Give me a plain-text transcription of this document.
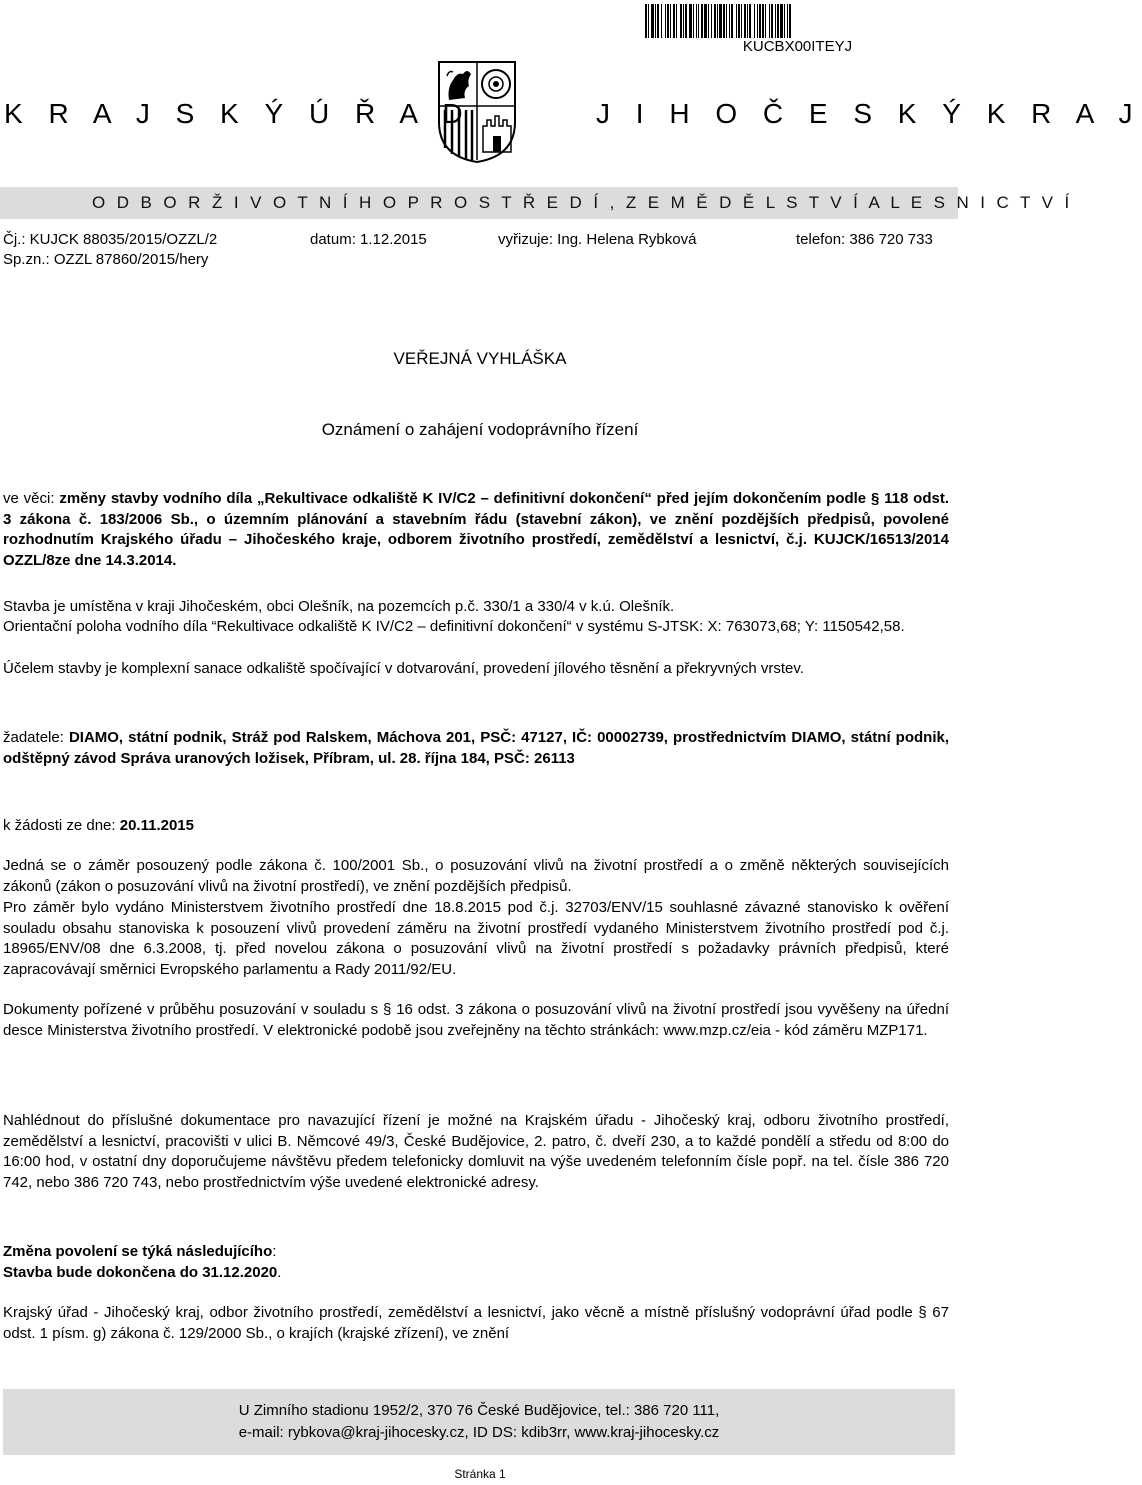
KUCBX00ITEYJ
K R A J S K Ý Ú Ř A D	J I H O Č E S K Ý K R A J
O D B O R Ž I V O T N Í H O P R O S T Ř E D Í , Z E M Ě D Ě L S T V Í A L E S N I C T V Í
Čj.: KUJCK 88035/2015/OZZL/2	datum: 1.12.2015	vyřizuje: Ing. Helena Rybková	telefon: 386 720 733
Sp.zn.: OZZL 87860/2015/hery
VEŘEJNÁ VYHLÁŠKA
Oznámení o zahájení vodoprávního řízení
ve věci: změny stavby vodního díla „Rekultivace odkaliště K IV/C2 – definitivní dokončení“ před jejím dokončením podle § 118 odst. 3 zákona č. 183/2006 Sb., o územním plánování a stavebním řádu (stavební zákon), ve znění pozdějších předpisů, povolené rozhodnutím Krajského úřadu – Jihočeského kraje, odborem životního prostředí, zemědělství a lesnictví, č.j. KUJCK/16513/2014 OZZL/8ze dne 14.3.2014.
Stavba je umístěna v kraji Jihočeském, obci Olešník, na pozemcích p.č. 330/1 a 330/4 v k.ú. Olešník.
Orientační poloha vodního díla “Rekultivace odkaliště K IV/C2 – definitivní dokončení“ v systému S-JTSK: X: 763073,68; Y: 1150542,58.
Účelem stavby je komplexní sanace odkaliště spočívající v dotvarování, provedení jílového těsnění a překryvných vrstev.
žadatele: DIAMO, státní podnik, Stráž pod Ralskem, Máchova 201, PSČ: 47127, IČ: 00002739, prostřednictvím DIAMO, státní podnik, odštěpný závod Správa uranových ložisek, Příbram, ul. 28. října 184, PSČ: 26113
k žádosti ze dne: 20.11.2015
Jedná se o záměr posouzený podle zákona č. 100/2001 Sb., o posuzování vlivů na životní prostředí a o změně některých souvisejících zákonů (zákon o posuzování vlivů na životní prostředí), ve znění pozdějších předpisů.
Pro záměr bylo vydáno Ministerstvem životního prostředí dne 18.8.2015 pod č.j. 32703/ENV/15 souhlasné závazné stanovisko k ověření souladu obsahu stanoviska k posouzení vlivů provedení záměru na životní prostředí vydaného Ministerstvem životního prostředí pod č.j. 18965/ENV/08 dne 6.3.2008, tj. před novelou zákona o posuzování vlivů na životní prostředí s požadavky právních předpisů, které zapracovávají směrnici Evropského parlamentu a Rady 2011/92/EU.
Dokumenty pořízené v průběhu posuzování v souladu s § 16 odst. 3 zákona o posuzování vlivů na životní prostředí jsou vyvěšeny na úřední desce Ministerstva životního prostředí. V elektronické podobě jsou zveřejněny na těchto stránkách: www.mzp.cz/eia - kód záměru MZP171.
Nahlédnout do příslušné dokumentace pro navazující řízení je možné na Krajském úřadu - Jihočeský kraj, odboru životního prostředí, zemědělství a lesnictví, pracovišti v ulici B. Němcové 49/3, České Budějovice, 2. patro, č. dveří 230, a to každé pondělí a středu od 8:00 do 16:00 hod, v ostatní dny doporučujeme návštěvu předem telefonicky domluvit na výše uvedeném telefonním čísle popř. na tel. čísle 386 720 742, nebo 386 720 743, nebo prostřednictvím výše uvedené elektronické adresy.
Změna povolení se týká následujícího:
Stavba bude dokončena do 31.12.2020.
Krajský úřad - Jihočeský kraj, odbor životního prostředí, zemědělství a lesnictví, jako věcně a místně příslušný vodoprávní úřad podle § 67 odst. 1 písm. g) zákona č. 129/2000 Sb., o krajích (krajské zřízení), ve znění
U Zimního stadionu 1952/2, 370 76 České Budějovice, tel.: 386 720 111,
e-mail: rybkova@kraj-jihocesky.cz, ID DS: kdib3rr, www.kraj-jihocesky.cz
Stránka 1
